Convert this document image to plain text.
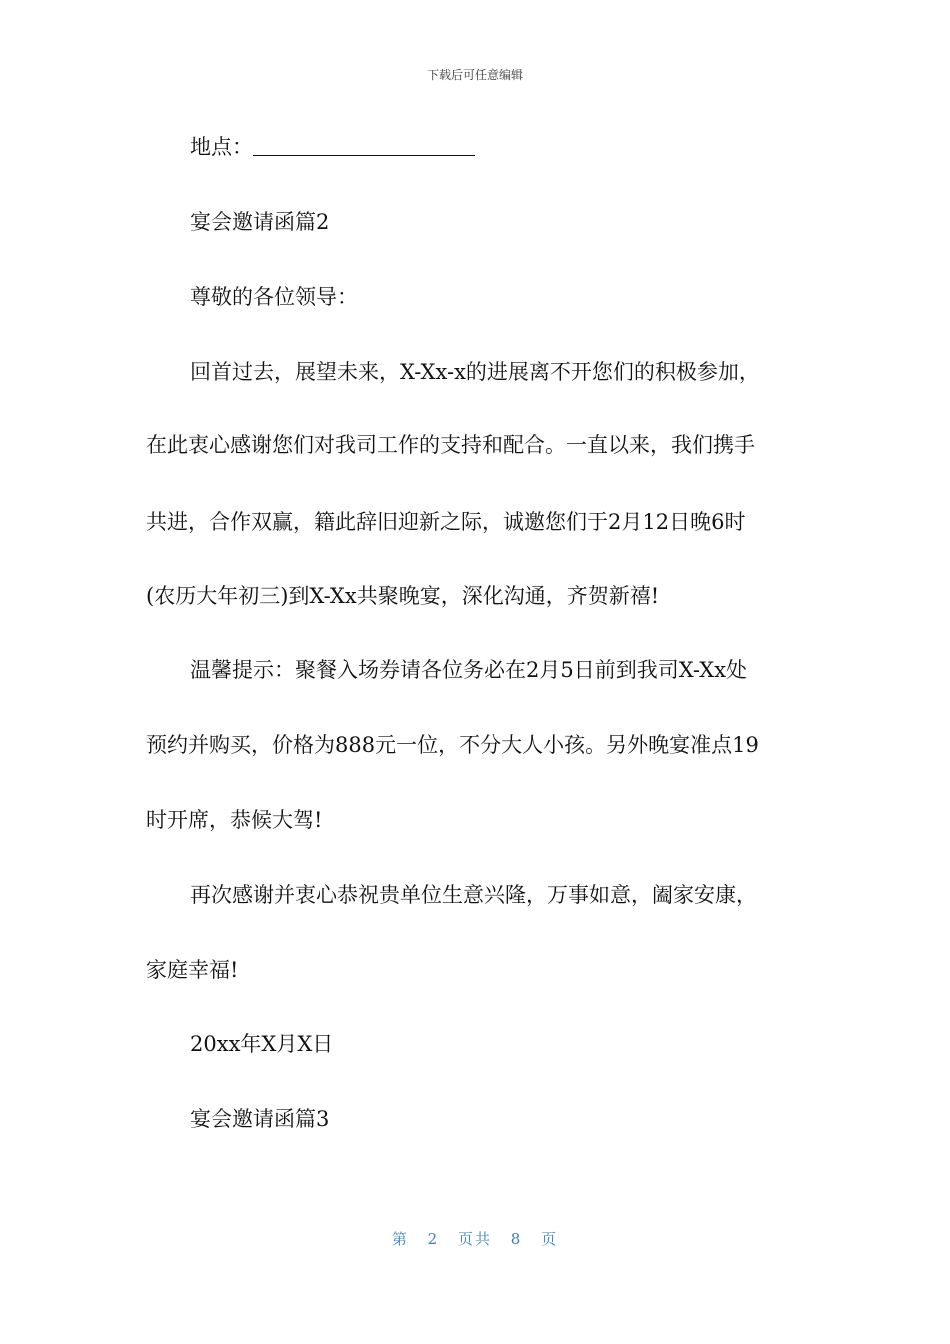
下载后可任意编辑
地点：
宴会邀请函篇2
尊敬的各位领导：
回首过去，展望未来，X-Xx-x的进展离不开您们的积极参加，
在此衷心感谢您们对我司工作的支持和配合。一直以来，我们携手
共进，合作双赢，籍此辞旧迎新之际，诚邀您们于2月12日晚6时
(农历大年初三)到X-Xx共聚晚宴，深化沟通，齐贺新禧!
温馨提示：聚餐入场券请各位务必在2月5日前到我司X-Xx处
预约并购买，价格为888元一位，不分大人小孩。另外晚宴准点19
时开席，恭候大驾!
再次感谢并衷心恭祝贵单位生意兴隆，万事如意，阖家安康，
家庭幸福!
20xx年X月X日
宴会邀请函篇3
第 2 页共 8 页
